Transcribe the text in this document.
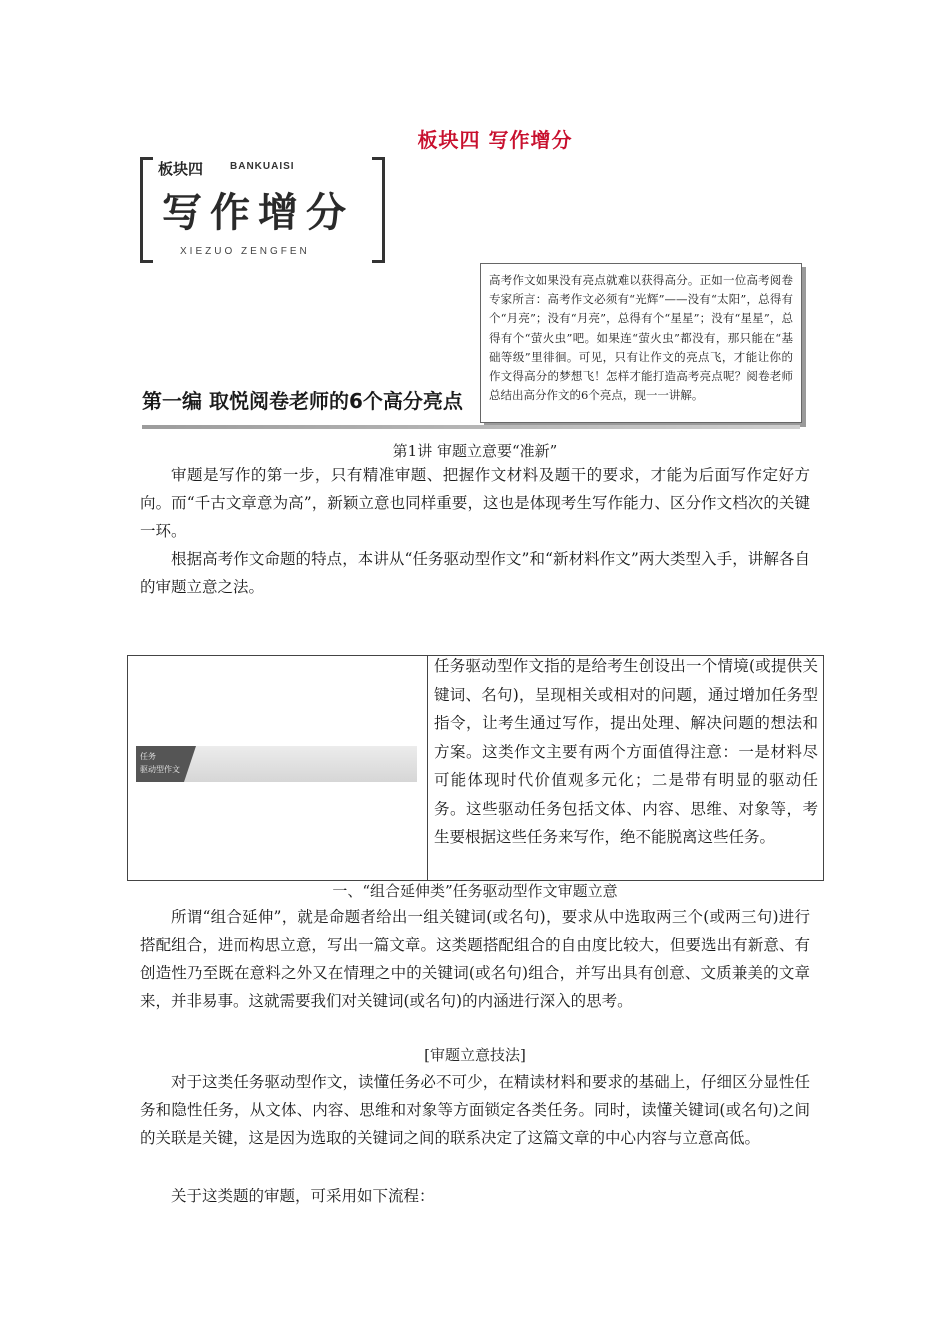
板块四 写作增分
板块四	BANKUAISI
写作增分
XIEZUO ZENGFEN
高考作文如果没有亮点就难以获得高分。正如一位高考阅卷专家所言：高考作文必须有“光辉”——没有“太阳”，总得有个“月亮”；没有“月亮”，总得有个“星星”；没有“星星”，总得有个“萤火虫”吧。如果连“萤火虫”都没有，那只能在“基础等级”里徘徊。可见，只有让作文的亮点飞，才能让你的作文得高分的梦想飞！怎样才能打造高考亮点呢？阅卷老师总结出高分作文的6个亮点，现一一讲解。
第一编 取悦阅卷老师的6个高分亮点
第1讲 审题立意要“准新”
审题是写作的第一步，只有精准审题、把握作文材料及题干的要求，才能为后面写作定好方向。而“千古文章意为高”，新颖立意也同样重要，这也是体现考生写作能力、区分作文档次的关键一环。
根据高考作文命题的特点，本讲从“任务驱动型作文”和“新材料作文”两大类型入手，讲解各自的审题立意之法。
任务
驱动型作文
任务驱动型作文指的是给考生创设出一个情境(或提供关键词、名句)，呈现相关或相对的问题，通过增加任务型指令，让考生通过写作，提出处理、解决问题的想法和方案。这类作文主要有两个方面值得注意：一是材料尽可能体现时代价值观多元化；二是带有明显的驱动任务。这些驱动任务包括文体、内容、思维、对象等，考生要根据这些任务来写作，绝不能脱离这些任务。
一、“组合延伸类”任务驱动型作文审题立意
所谓“组合延伸”，就是命题者给出一组关键词(或名句)，要求从中选取两三个(或两三句)进行搭配组合，进而构思立意，写出一篇文章。这类题搭配组合的自由度比较大，但要选出有新意、有创造性乃至既在意料之外又在情理之中的关键词(或名句)组合，并写出具有创意、文质兼美的文章来，并非易事。这就需要我们对关键词(或名句)的内涵进行深入的思考。
[审题立意技法]
对于这类任务驱动型作文，读懂任务必不可少，在精读材料和要求的基础上，仔细区分显性任务和隐性任务，从文体、内容、思维和对象等方面锁定各类任务。同时，读懂关键词(或名句)之间的关联是关键，这是因为选取的关键词之间的联系决定了这篇文章的中心内容与立意高低。
关于这类题的审题，可采用如下流程：
